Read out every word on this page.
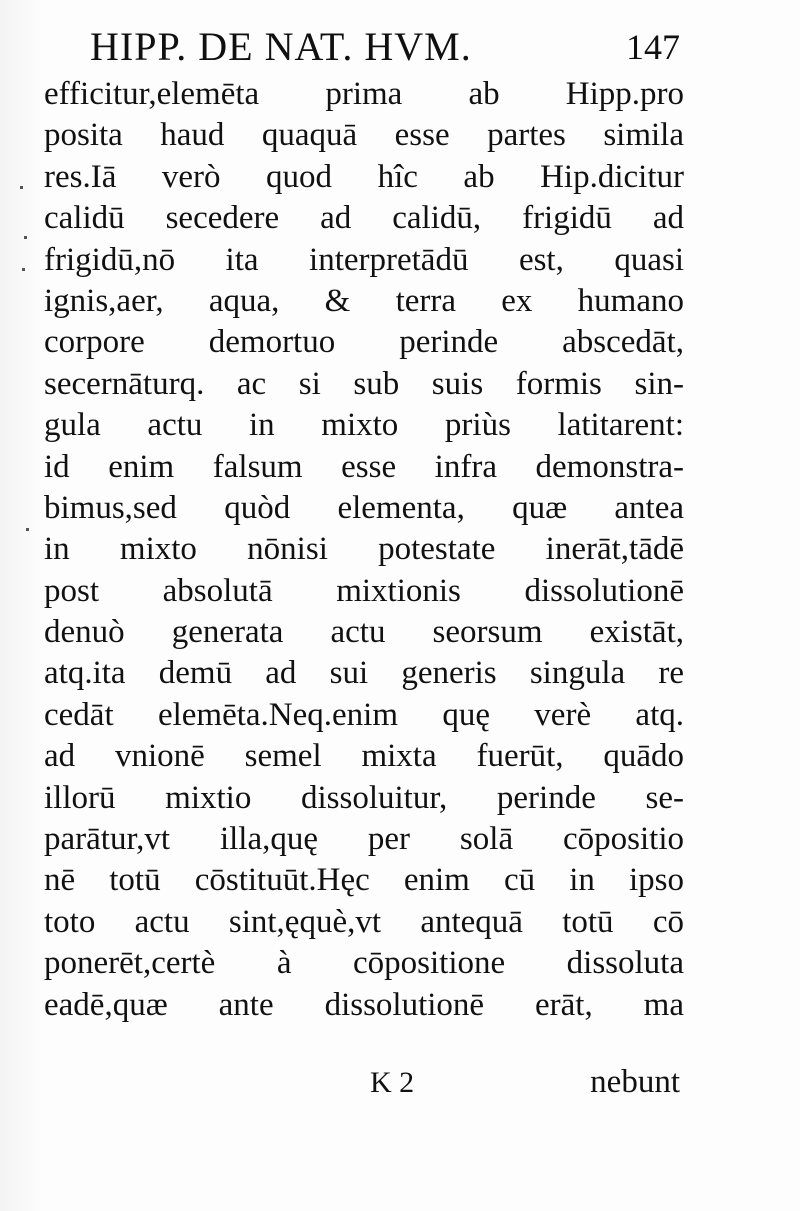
HIPP. DE NAT. HVM.	147
efficitur,elemēta prima ab Hipp.pro
posita haud quaquā esse partes simila
res.Iā verò quod hîc ab Hip.dicitur
calidū secedere ad calidū, frigidū ad
frigidū,nō ita interpretādū est, quasi
ignis,aer, aqua, & terra ex humano
corpore demortuo perinde abscedāt,
secernāturq. ac si sub suis formis sin-
gula actu in mixto priùs latitarent:
id enim falsum esse infra demonstra-
bimus,sed quòd elementa, quæ antea
in mixto nōnisi potestate inerāt,tādē
post absolutā mixtionis dissolutionē
denuò generata actu seorsum existāt,
atq.ita demū ad sui generis singula re
cedāt elemēta.Neq.enim quę verè atq.
ad vnionē semel mixta fuerūt, quādo
illorū mixtio dissoluitur, perinde se-
parātur,vt illa,quę per solā cōpositio
nē totū cōstituūt.Hęc enim cū in ipso
toto actu sint,ęquè,vt antequā totū cō
ponerēt,certè à cōpositione dissoluta
eadē,quæ ante dissolutionē erāt, ma
K 2	nebunt
